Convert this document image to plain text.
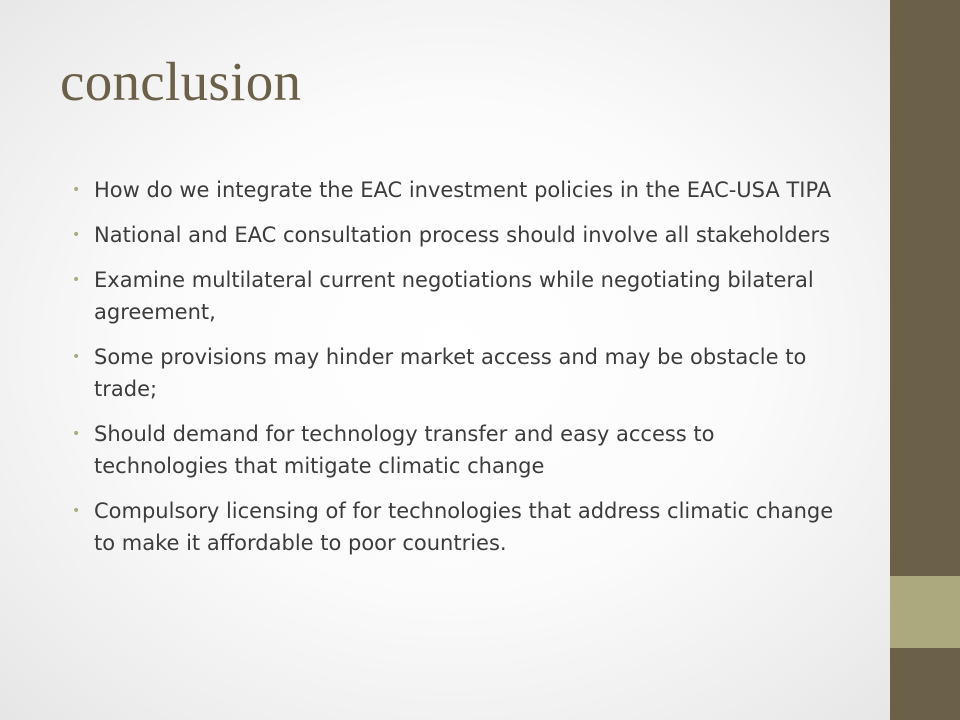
conclusion
• How do we integrate the EAC investment policies in the EAC-USA TIPA
• National and EAC consultation process should involve all stakeholders
• Examine multilateral current negotiations while negotiating bilateral agreement,
• Some provisions may hinder market access and may be obstacle to trade;
• Should demand for technology transfer and easy access to technologies that mitigate climatic change
• Compulsory licensing of for technologies that address climatic change to make it affordable to poor countries.
